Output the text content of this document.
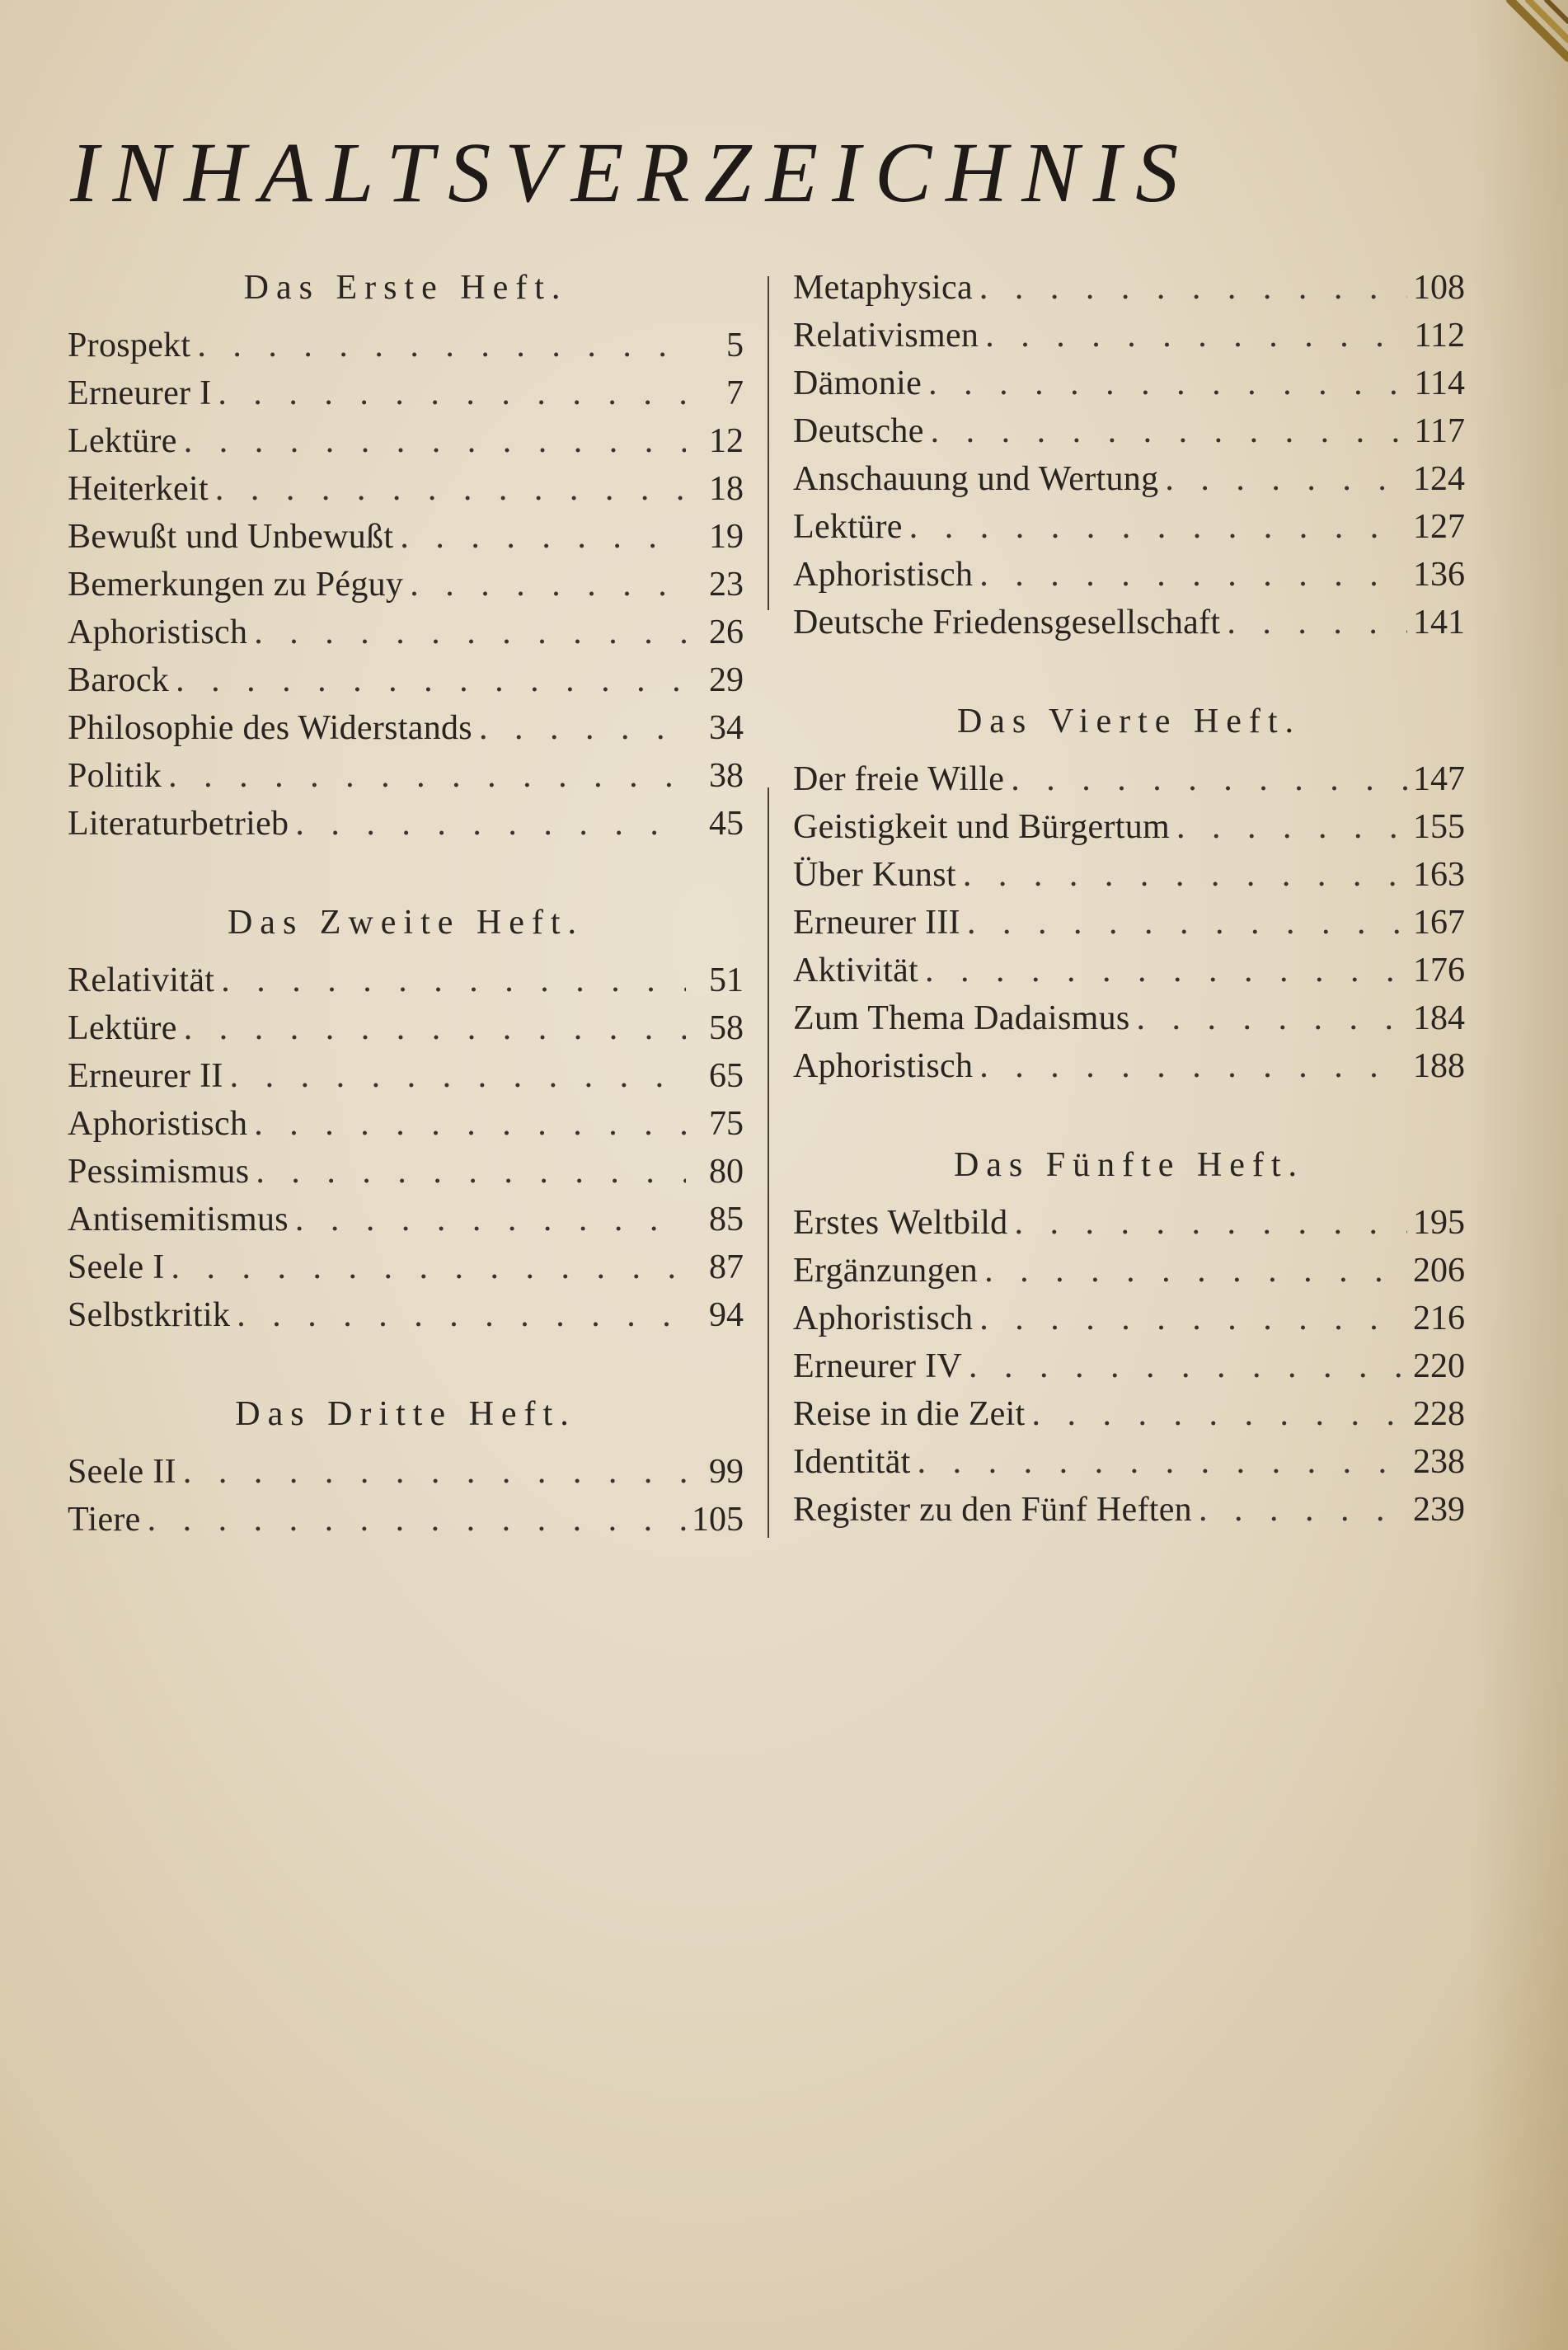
INHALTSVERZEICHNIS
Das Erste Heft.
Prospekt . . .	5
Erneurer I . . .	7
Lektüre . . .	12
Heiterkeit . . .	18
Bewußt und Unbewußt . . .	19
Bemerkungen zu Péguy . . .	23
Aphoristisch . . .	26
Barock . . .	29
Philosophie des Widerstands . . .	34
Politik . . .	38
Literaturbetrieb . . .	45
Das Zweite Heft.
Relativität . . .	51
Lektüre . . .	58
Erneurer II . . .	65
Aphoristisch . . .	75
Pessimismus . . .	80
Antisemitismus . . .	85
Seele I . . .	87
Selbstkritik . . .	94
Das Dritte Heft.
Seele II . . .	99
Tiere . . .	105
Metaphysica . . .	108
Relativismen . . .	112
Dämonie . . .	114
Deutsche . . .	117
Anschauung und Wertung . . .	124
Lektüre . . .	127
Aphoristisch . . .	136
Deutsche Friedensgesellschaft . . .	141
Das Vierte Heft.
Der freie Wille . . .	147
Geistigkeit und Bürgertum . . .	155
Über Kunst . . .	163
Erneurer III . . .	167
Aktivität . . .	176
Zum Thema Dadaismus . . .	184
Aphoristisch . . .	188
Das Fünfte Heft.
Erstes Weltbild . . .	195
Ergänzungen . . .	206
Aphoristisch . . .	216
Erneurer IV . . .	220
Reise in die Zeit . . .	228
Identität . . .	238
Register zu den Fünf Heften . . .	239
